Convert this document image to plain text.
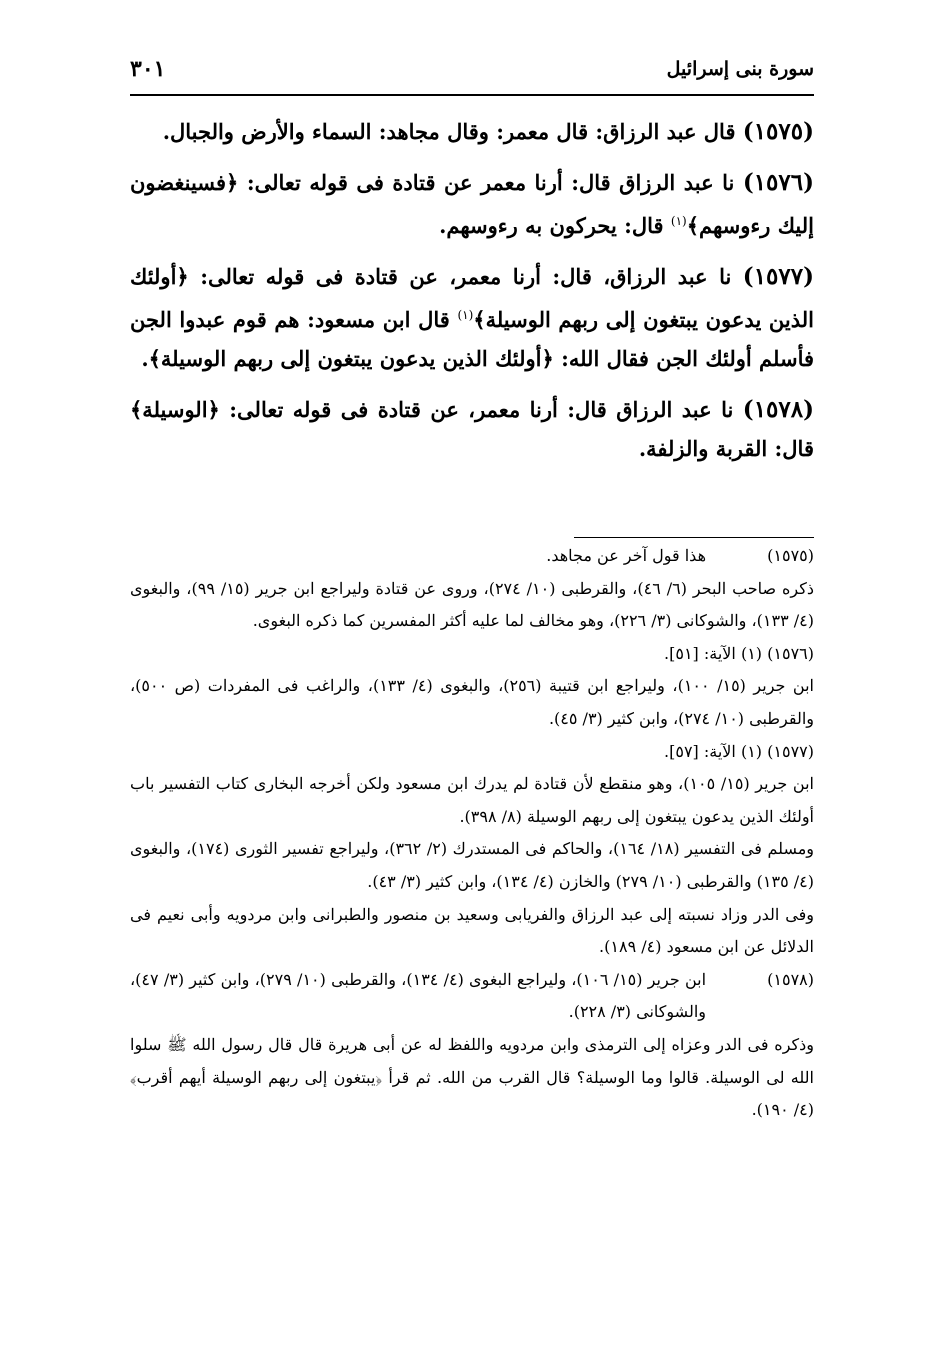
سورة بنى إسرائيل
٣٠١

(١٥٧٥) قال عبد الرزاق: قال معمر: وقال مجاهد: السماء والأرض والجبال.

(١٥٧٦) نا عبد الرزاق قال: أرنا معمر عن قتادة فى قوله تعالى: ﴿فسينغضون إليك رءوسهم﴾$^{(١)}$ قال: يحركون به رءوسهم.

(١٥٧٧) نا عبد الرزاق، قال: أرنا معمر، عن قتادة فى قوله تعالى: ﴿أولئك الذين يدعون يبتغون إلى ربهم الوسيلة﴾$^{(١)}$ قال ابن مسعود: هم قوم عبدوا الجن فأسلم أولئك الجن فقال الله: ﴿أولئك الذين يدعون يبتغون إلى ربهم الوسيلة﴾.

(١٥٧٨) نا عبد الرزاق قال: أرنا معمر، عن قتادة فى قوله تعالى: ﴿الوسيلة﴾ قال: القربة والزلفة.

(١٥٧٥)
هذا قول آخر عن مجاهد.
ذكره صاحب البحر (٦/ ٤٦)، والقرطبى (١٠/ ٢٧٤)، وروى عن قتادة وليراجع ابن جرير (١٥/ ٩٩)، والبغوى (٤/ ١٣٣)، والشوكانى (٣/ ٢٢٦)، وهو مخالف لما عليه أكثر المفسرين كما ذكره البغوى.
(١٥٧٦) (١) الآية: [٥١].
ابن جرير (١٥/ ١٠٠)، وليراجع ابن قتيبة (٢٥٦)، والبغوى (٤/ ١٣٣)، والراغب فى المفردات (ص ٥٠٠)، والقرطبى (١٠/ ٢٧٤)، وابن كثير (٣/ ٤٥).
(١٥٧٧) (١) الآية: [٥٧].
ابن جرير (١٥/ ١٠٥)، وهو منقطع لأن قتادة لم يدرك ابن مسعود ولكن أخرجه البخارى كتاب التفسير باب أولئك الذين يدعون يبتغون إلى ربهم الوسيلة (٨/ ٣٩٨).
ومسلم فى التفسير (١٨/ ١٦٤)، والحاكم فى المستدرك (٢/ ٣٦٢)، وليراجع تفسير الثورى (١٧٤)، والبغوى (٤/ ١٣٥) والقرطبى (١٠/ ٢٧٩) والخازن (٤/ ١٣٤)، وابن كثير (٣/ ٤٣).
وفى الدر وزاد نسبته إلى عبد الرزاق والفريابى وسعيد بن منصور والطبرانى وابن مردويه وأبى نعيم فى الدلائل عن ابن مسعود (٤/ ١٨٩).
(١٥٧٨)
ابن جرير (١٥/ ١٠٦)، وليراجع البغوى (٤/ ١٣٤)، والقرطبى (١٠/ ٢٧٩)، وابن كثير (٣/ ٤٧)، والشوكانى (٣/ ٢٢٨).
وذكره فى الدر وعزاه إلى الترمذى وابن مردويه واللفظ له عن أبى هريرة قال قال رسول الله ﷺ سلوا الله لى الوسيلة. قالوا وما الوسيلة؟ قال القرب من الله. ثم قرأ ﴿يبتغون إلى ربهم الوسيلة أيهم أقرب﴾ (٤/ ١٩٠).
